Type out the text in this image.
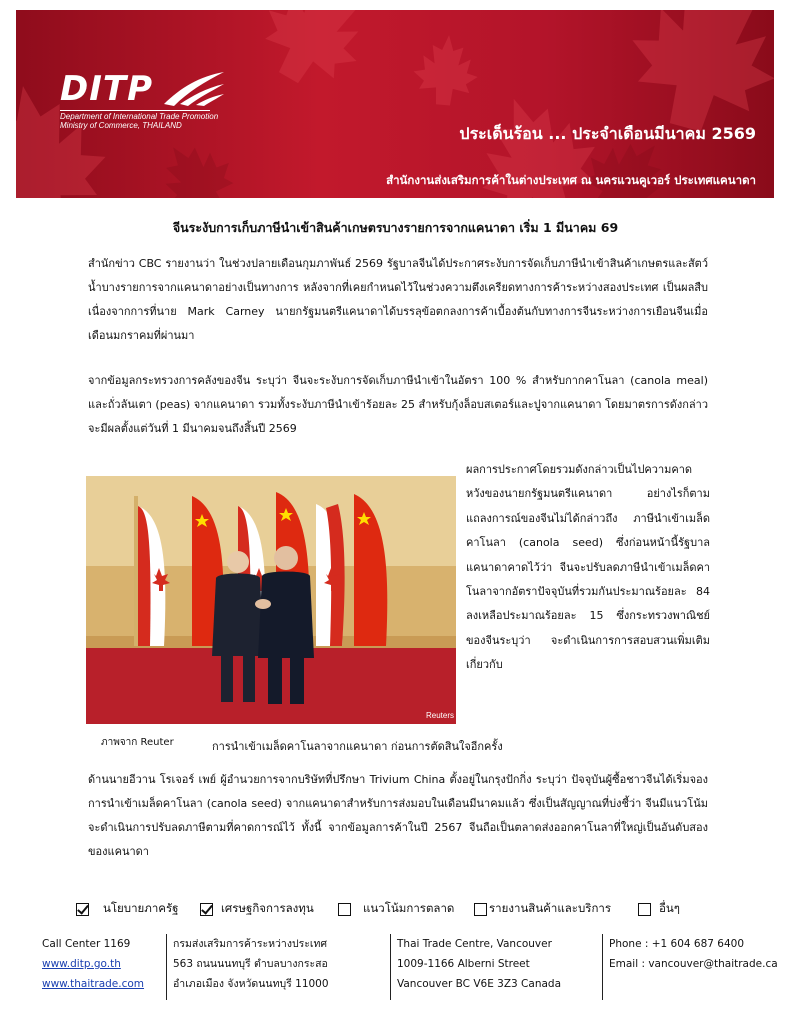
DITP
Department of International Trade Promotion
Ministry of Commerce, THAILAND	ประเด็นร้อน ... ประจำเดือนมีนาคม 2569
สำนักงานส่งเสริมการค้าในต่างประเทศ ณ นครแวนคูเวอร์ ประเทศแคนาดา
จีนระงับการเก็บภาษีนำเข้าสินค้าเกษตรบางรายการจากแคนาดา เริ่ม 1 มีนาคม 69

สำนักข่าว CBC รายงานว่า ในช่วงปลายเดือนกุมภาพันธ์ 2569 รัฐบาลจีนได้ประกาศระงับการจัดเก็บภาษีนำเข้าสินค้าเกษตรและสัตว์น้ำบางรายการจากแคนาดาอย่างเป็นทางการ หลังจากที่เคยกำหนดไว้ในช่วงความตึงเครียดทางการค้าระหว่างสองประเทศ เป็นผลสืบเนื่องจากการที่นาย Mark Carney นายกรัฐมนตรีแคนาดาได้บรรลุข้อตกลงการค้าเบื้องต้นกับทางการจีนระหว่างการเยือนจีนเมื่อเดือนมกราคมที่ผ่านมา

จากข้อมูลกระทรวงการคลังของจีน ระบุว่า จีนจะระงับการจัดเก็บภาษีนำเข้าในอัตรา 100 % สำหรับกากคาโนลา (canola meal) และถั่วลันเตา (peas) จากแคนาดา รวมทั้งระงับภาษีนำเข้าร้อยละ 25 สำหรับกุ้งล็อบสเตอร์และปูจากแคนาดา โดยมาตรการดังกล่าวจะมีผลตั้งแต่วันที่ 1 มีนาคมจนถึงสิ้นปี 2569

Reuters
ภาพจาก Reuter

ผลการประกาศโดยรวมดังกล่าวเป็นไปความคาดหวังของนายกรัฐมนตรีแคนาดา อย่างไรก็ตาม แถลงการณ์ของจีนไม่ได้กล่าวถึง ภาษีนำเข้าเมล็ดคาโนลา (canola seed) ซึ่งก่อนหน้านี้รัฐบาลแคนาดาคาดไว้ว่า จีนจะปรับลดภาษีนำเข้าเมล็ดคาโนลาจากอัตราปัจจุบันที่รวมกันประมาณร้อยละ 84 ลงเหลือประมาณร้อยละ 15 ซึ่งกระทรวงพาณิชย์ของจีนระบุว่า จะดำเนินการการสอบสวนเพิ่มเติมเกี่ยวกับ

การนำเข้าเมล็ดคาโนลาจากแคนาดา ก่อนการตัดสินใจอีกครั้ง

ด้านนายอีวาน โรเจอร์ เพย์ ผู้อำนวยการจากบริษัทที่ปรึกษา Trivium China ตั้งอยู่ในกรุงปักกิ่ง ระบุว่า ปัจจุบันผู้ซื้อชาวจีนได้เริ่มจองการนำเข้าเมล็ดคาโนลา (canola seed) จากแคนาดาสำหรับการส่งมอบในเดือนมีนาคมแล้ว ซึ่งเป็นสัญญาณที่บ่งชี้ว่า จีนมีแนวโน้มจะดำเนินการปรับลดภาษีตามที่คาดการณ์ไว้ ทั้งนี้ จากข้อมูลการค้าในปี 2567 จีนถือเป็นตลาดส่งออกคาโนลาที่ใหญ่เป็นอันดับสองของแคนาดา

นโยบายภาครัฐ	เศรษฐกิจการลงทุน	แนวโน้มการตลาด	รายงานสินค้าและบริการ	อื่นๆ
Call Center 1169
www.ditp.go.th
www.thaitrade.com
กรมส่งเสริมการค้าระหว่างประเทศ
563 ถนนนนทบุรี ตำบลบางกระสอ
อำเภอเมือง จังหวัดนนทบุรี 11000
Thai Trade Centre, Vancouver
1009-1166 Alberni Street
Vancouver BC V6E 3Z3 Canada
Phone : +1 604 687 6400
Email : vancouver@thaitrade.ca
